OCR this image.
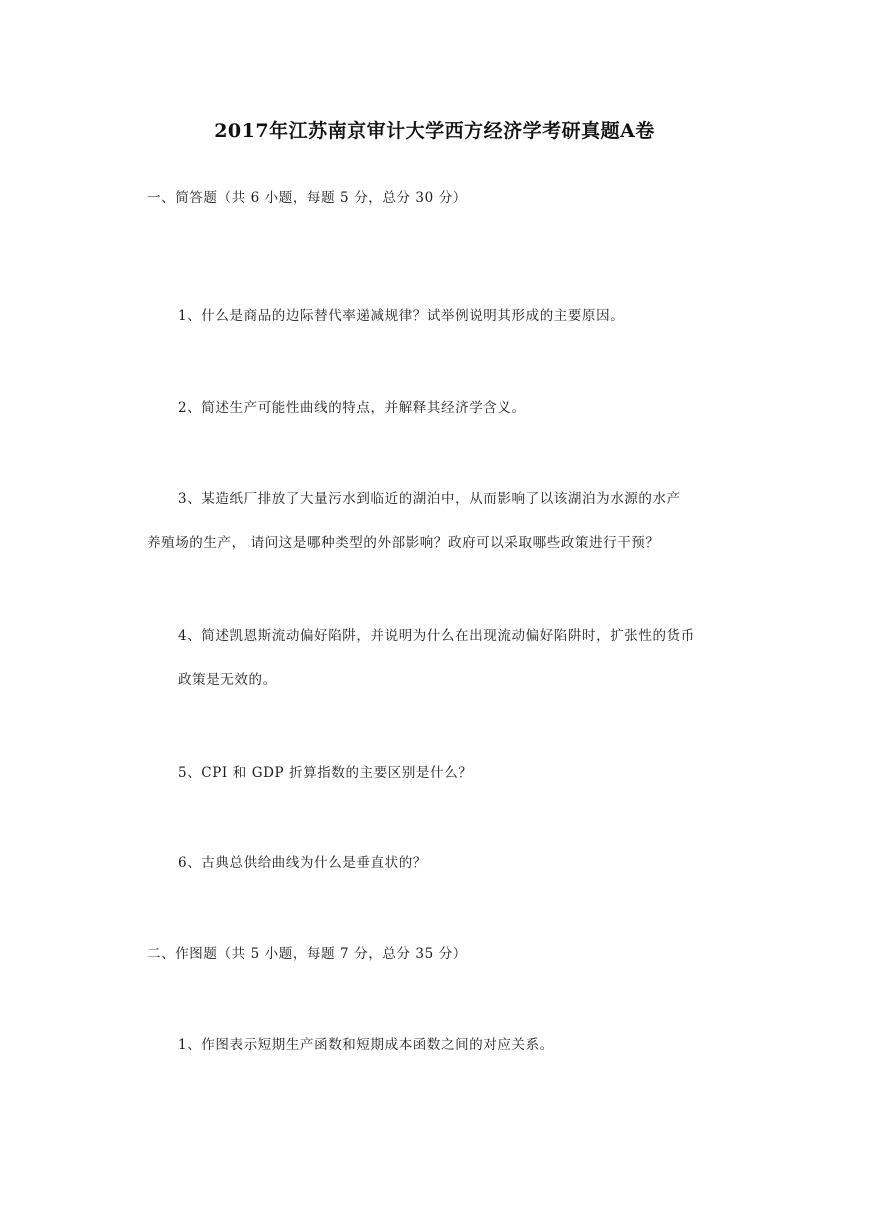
2017年江苏南京审计大学西方经济学考研真题A卷
一、简答题（共 6 小题，每题 5 分，总分 30 分）
1、什么是商品的边际替代率递减规律？试举例说明其形成的主要原因。
2、简述生产可能性曲线的特点，并解释其经济学含义。
3、某造纸厂排放了大量污水到临近的湖泊中，从而影响了以该湖泊为水源的水产
养殖场的生产， 请问这是哪种类型的外部影响？政府可以采取哪些政策进行干预？
4、简述凯恩斯流动偏好陷阱，并说明为什么在出现流动偏好陷阱时，扩张性的货币
政策是无效的。
5、CPI 和 GDP 折算指数的主要区别是什么？
6、古典总供给曲线为什么是垂直状的？
二、作图题（共 5 小题，每题 7 分，总分 35 分）
1、作图表示短期生产函数和短期成本函数之间的对应关系。
